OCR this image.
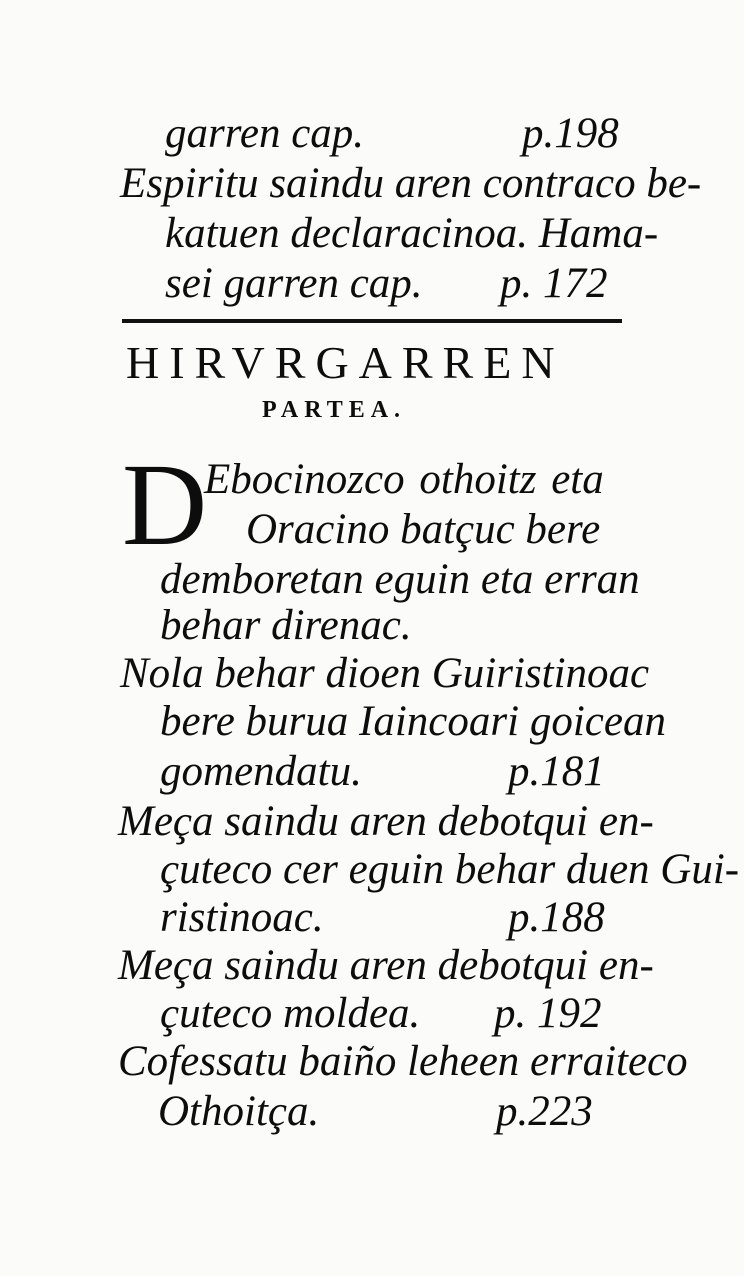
garren cap.	p.198
Espiritu saindu aren contraco be-
katuen declaracinoa. Hama-
sei garren cap. p. 172
HIRVRGARREN
PARTEA.
D
Ebocinozco othoitz eta
Oracino batçuc bere
demboretan eguin eta erran
behar direnac.
Nola behar dioen Guiristinoac
bere burua Iaincoari goicean
gomendatu.	p.181
Meça saindu aren debotqui en-
çuteco cer eguin behar duen Gui-
ristinoac.	p.188
Meça saindu aren debotqui en-
çuteco moldea. p. 192
Cofessatu baiño leheen erraiteco
Othoitça.	p.223
